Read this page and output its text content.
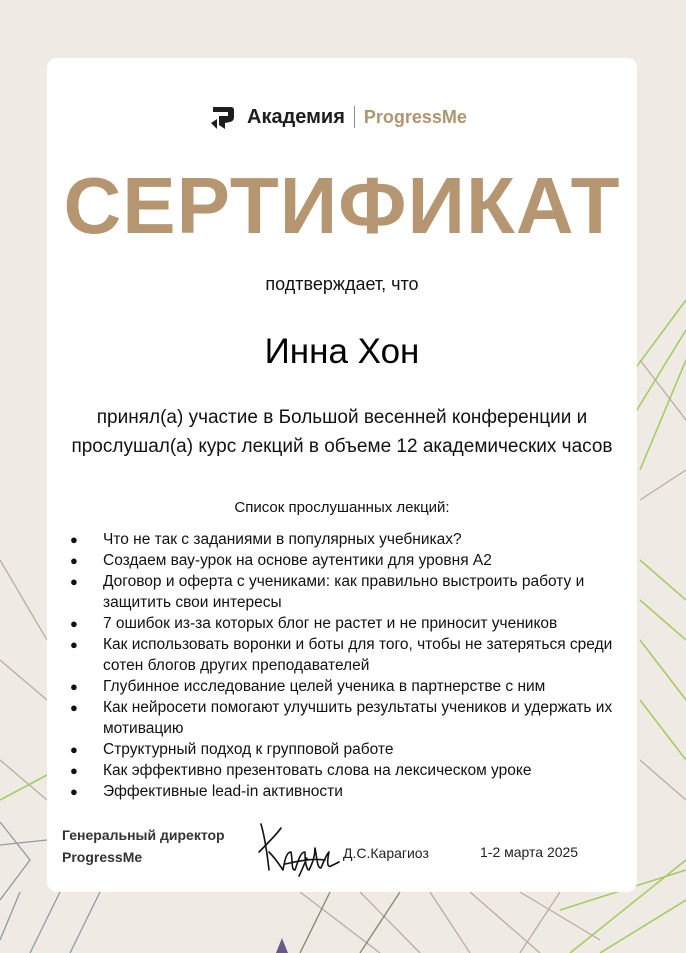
Академия ProgressMe
СЕРТИФИКАТ
подтверждает, что
Инна Хон
принял(а) участие в Большой весенней конференции и прослушал(а) курс лекций в объеме 12 академических часов
Список прослушанных лекций:
● Что не так с заданиями в популярных учебниках?
● Создаем вау-урок на основе аутентики для уровня А2
● Договор и оферта с учениками: как правильно выстроить работу и защитить свои интересы
● 7 ошибок из-за которых блог не растет и не приносит учеников
● Как использовать воронки и боты для того, чтобы не затеряться среди сотен блогов других преподавателей
● Глубинное исследование целей ученика в партнерстве с ним
● Как нейросети помогают улучшить результаты учеников и удержать их мотивацию
● Структурный подход к групповой работе
● Как эффективно презентовать слова на лексическом уроке
● Эффективные lead-in активности
Генеральный директор
ProgressMe	Д.С.Карагиоз	1-2 марта 2025
